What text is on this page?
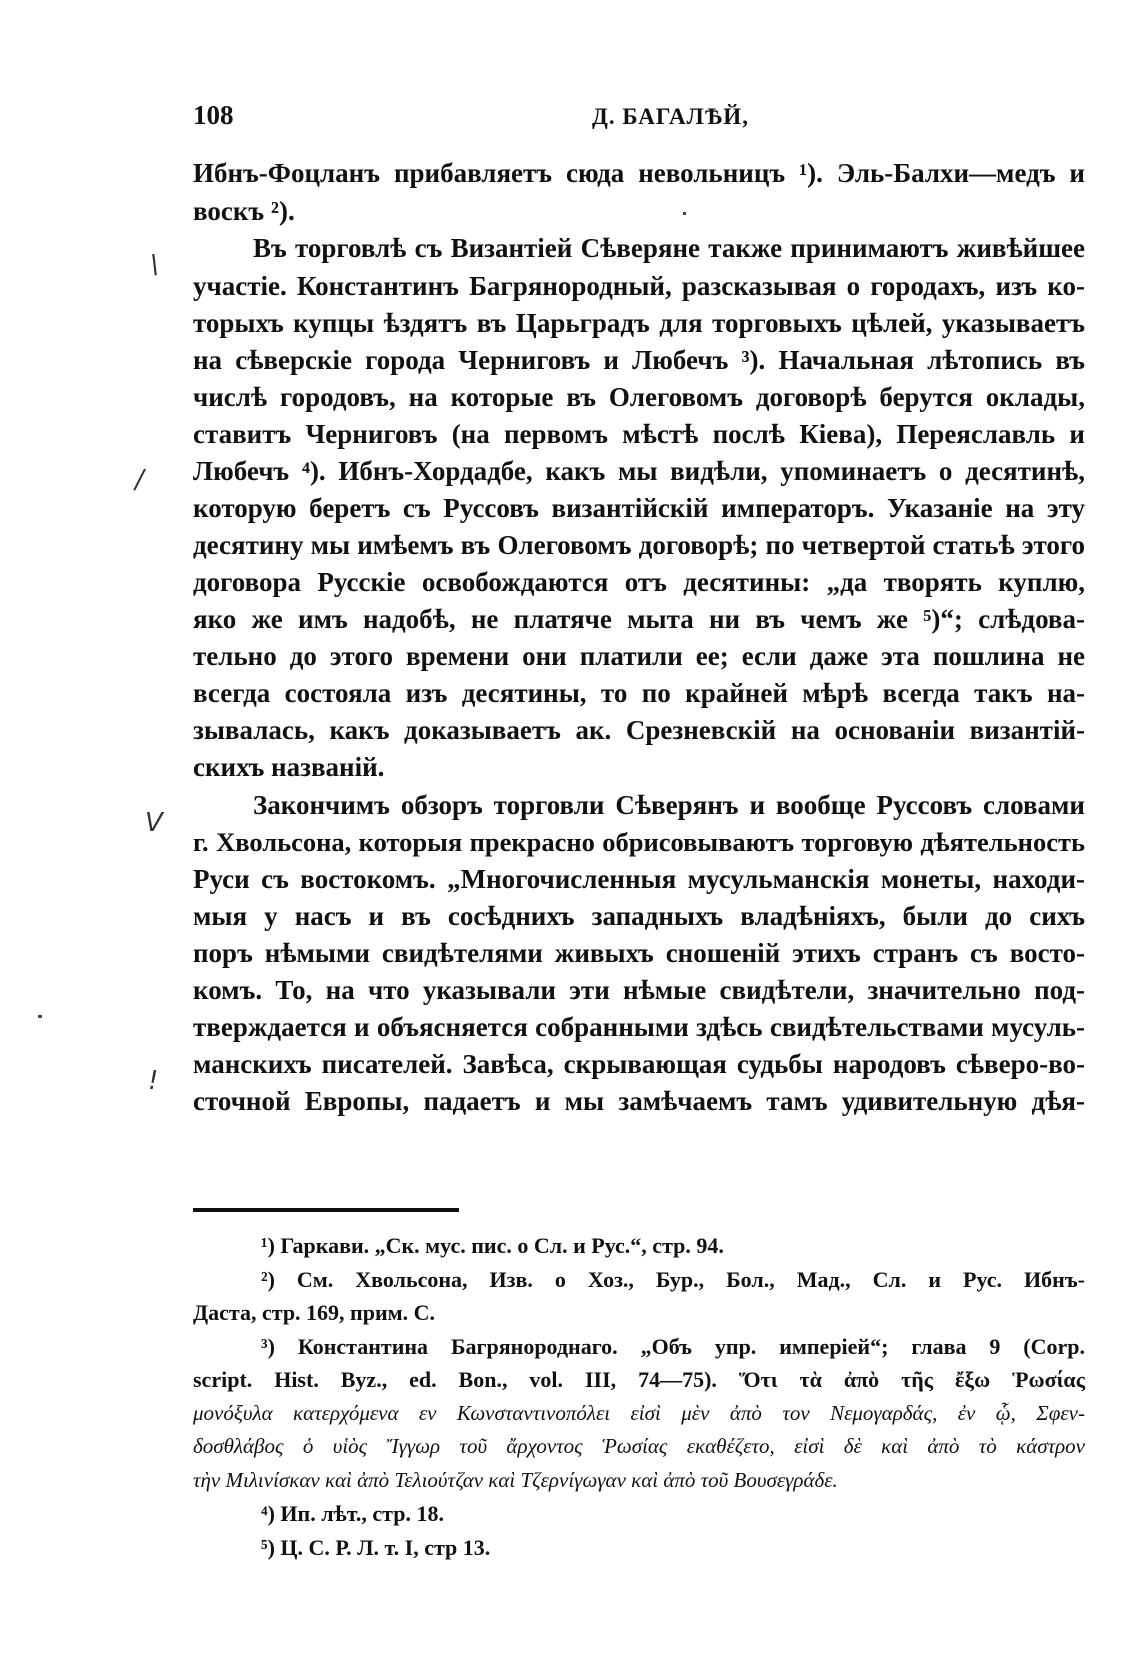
108	Д. БАГАЛѢЙ,
Ибнъ-Фоцланъ прибавляетъ сюда невольницъ ¹). Эль-Балхи—медъ и
воскъ ²).
Въ торговлѣ съ Византіей Сѣверяне также принимаютъ живѣйшее
участіе. Константинъ Багрянородный, разсказывая о городахъ, изъ ко-
торыхъ купцы ѣздятъ въ Царьградъ для торговыхъ цѣлей, указываетъ
на сѣверскіе города Черниговъ и Любечъ ³). Начальная лѣтопись въ
числѣ городовъ, на которые въ Олеговомъ договорѣ берутся оклады,
ставитъ Черниговъ (на первомъ мѣстѣ послѣ Кіева), Переяславль и
Любечъ ⁴). Ибнъ-Хордадбе, какъ мы видѣли, упоминаетъ о десятинѣ,
которую беретъ съ Руссовъ византійскій императоръ. Указаніе на эту
десятину мы имѣемъ въ Олеговомъ договорѣ; по четвертой статьѣ этого
договора Русскіе освобождаются отъ десятины: „да творять куплю,
яко же имъ надобѣ, не платяче мыта ни въ чемъ же ⁵)“; слѣдова-
тельно до этого времени они платили ее; если даже эта пошлина не
всегда состояла изъ десятины, то по крайней мѣрѣ всегда такъ на-
зывалась, какъ доказываетъ ак. Срезневскій на основаніи византій-
скихъ названій.
Закончимъ обзоръ торговли Сѣверянъ и вообще Руссовъ словами
г. Хвольсона, которыя прекрасно обрисовываютъ торговую дѣятельность
Руси съ востокомъ. „Многочисленныя мусульманскія монеты, находи-
мыя у насъ и въ сосѣднихъ западныхъ владѣніяхъ, были до сихъ
поръ нѣмыми свидѣтелями живыхъ сношеній этихъ странъ съ восто-
комъ. То, на что указывали эти нѣмые свидѣтели, значительно под-
тверждается и объясняется собранными здѣсь свидѣтельствами мусуль-
манскихъ писателей. Завѣса, скрывающая судьбы народовъ сѣверо-во-
сточной Европы, падаетъ и мы замѣчаемъ тамъ удивительную дѣя-
¹) Гаркави. „Ск. мус. пис. о Сл. и Рус.“, стр. 94.
²) См. Хвольсона, Изв. о Хоз., Бур., Бол., Мад., Сл. и Рус. Ибнъ-
Даста, стр. 169, прим. С.
³) Константина Багрянороднаго. „Объ упр. имперіей“; глава 9 (Corp.
script. Hist. Byz., ed. Bon., vol. III, 74—75). Ὅτι τὰ ἀπὸ τῆς ἔξω Ῥωσίας
μονόξυλα κατερχόμενα εν Κωνσταντινοπόλει εἰσὶ μὲν ἀπὸ τον Νεμογαρδάς, ἐν ᾧ, Σφεν-
δοσθλάβος ὁ υἱὸς Ἴγγωρ τοῦ ἄρχοντος Ῥωσίας εκαθέζετο, εἰσὶ δὲ καὶ ἀπὸ τὸ κάστρον
τὴν Μιλινίσκαν καὶ ἀπὸ Τελιούτζαν καὶ Τζερνίγωγαν καὶ ἀπὸ τοῦ Βουσεγράδε.
⁴) Ип. лѣт., стр. 18.
⁵) Ц. С. Р. Л. т. I, стр 13.
\
/
V
!
